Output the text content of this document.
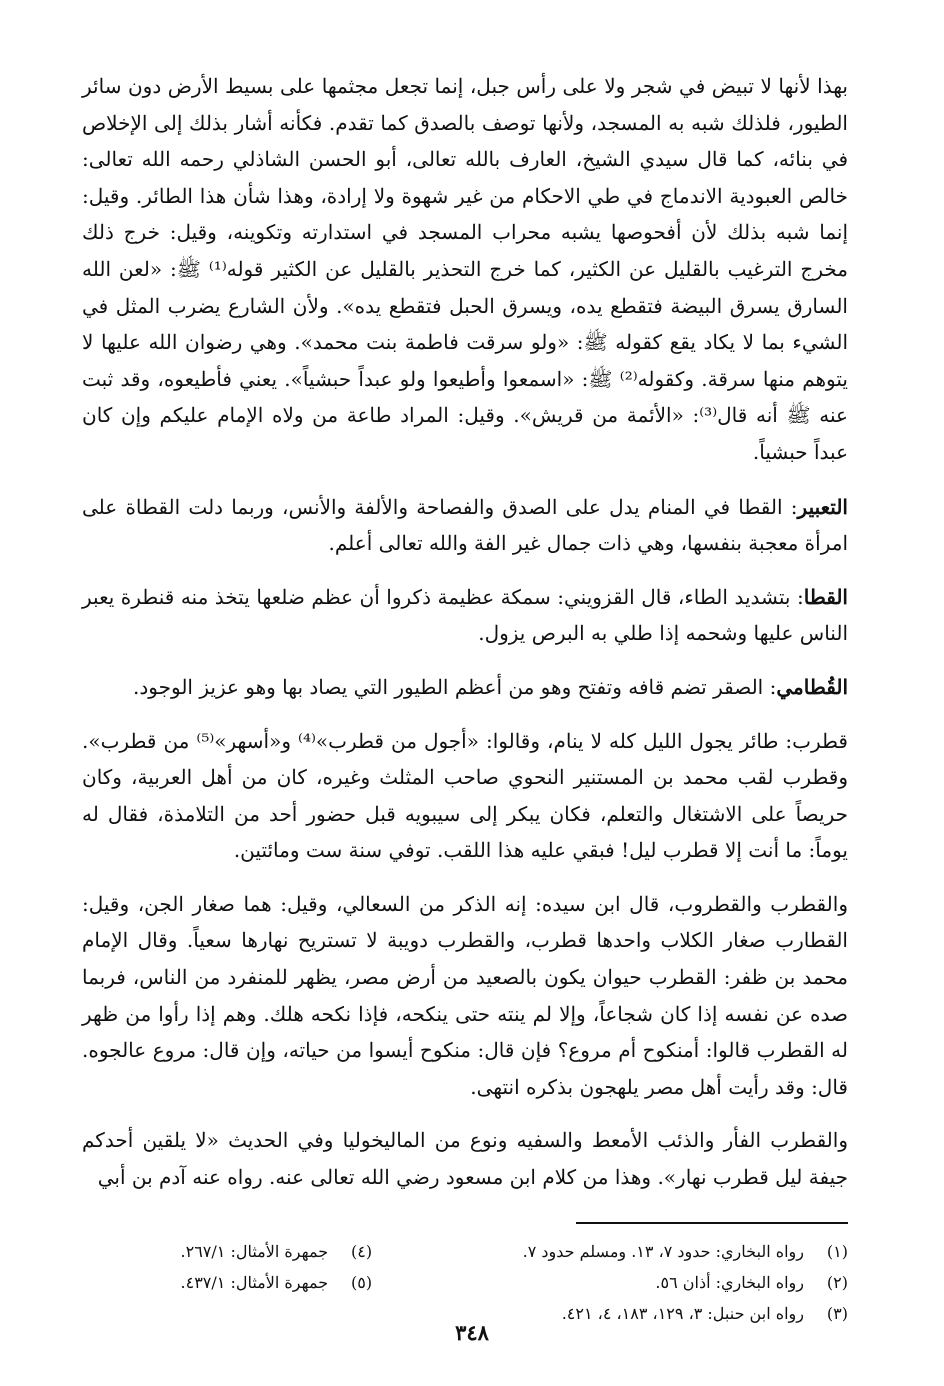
بهذا لأنها لا تبيض في شجر ولا على رأس جبل، إنما تجعل مجثمها على بسيط الأرض دون سائر الطيور، فلذلك شبه به المسجد، ولأنها توصف بالصدق كما تقدم. فكأنه أشار بذلك إلى الإخلاص في بنائه، كما قال سيدي الشيخ، العارف بالله تعالى، أبو الحسن الشاذلي رحمه الله تعالى: خالص العبودية الاندماج في طي الاحكام من غير شهوة ولا إرادة، وهذا شأن هذا الطائر. وقيل: إنما شبه بذلك لأن أفحوصها يشبه محراب المسجد في استدارته وتكوينه، وقيل: خرج ذلك مخرج الترغيب بالقليل عن الكثير، كما خرج التحذير بالقليل عن الكثير قوله⁽¹⁾ ﷺ: «لعن الله السارق يسرق البيضة فتقطع يده، ويسرق الحبل فتقطع يده». ولأن الشارع يضرب المثل في الشيء بما لا يكاد يقع كقوله ﷺ: «ولو سرقت فاطمة بنت محمد». وهي رضوان الله عليها لا يتوهم منها سرقة. وكقوله⁽²⁾ ﷺ: «اسمعوا وأطيعوا ولو عبداً حبشياً». يعني فأطيعوه، وقد ثبت عنه ﷺ أنه قال⁽³⁾: «الأئمة من قريش». وقيل: المراد طاعة من ولاه الإمام عليكم وإن كان عبداً حبشياً.

التعبير: القطا في المنام يدل على الصدق والفصاحة والألفة والأنس، وربما دلت القطاة على امرأة معجبة بنفسها، وهي ذات جمال غير الفة والله تعالى أعلم.

القطا: بتشديد الطاء، قال القزويني: سمكة عظيمة ذكروا أن عظم ضلعها يتخذ منه قنطرة يعبر الناس عليها وشحمه إذا طلي به البرص يزول.

القُطامي: الصقر تضم قافه وتفتح وهو من أعظم الطيور التي يصاد بها وهو عزيز الوجود.

قطرب: طائر يجول الليل كله لا ينام، وقالوا: «أجول من قطرب»⁽⁴⁾ و«أسهر»⁽⁵⁾ من قطرب». وقطرب لقب محمد بن المستنير النحوي صاحب المثلث وغيره، كان من أهل العربية، وكان حريصاً على الاشتغال والتعلم، فكان يبكر إلى سيبويه قبل حضور أحد من التلامذة، فقال له يوماً: ما أنت إلا قطرب ليل! فبقي عليه هذا اللقب. توفي سنة ست ومائتين.

والقطرب والقطروب، قال ابن سيده: إنه الذكر من السعالي، وقيل: هما صغار الجن، وقيل: القطارب صغار الكلاب واحدها قطرب، والقطرب دويبة لا تستريح نهارها سعياً. وقال الإمام محمد بن ظفر: القطرب حيوان يكون بالصعيد من أرض مصر، يظهر للمنفرد من الناس، فربما صده عن نفسه إذا كان شجاعاً، وإلا لم ينته حتى ينكحه، فإذا نكحه هلك. وهم إذا رأوا من ظهر له القطرب قالوا: أمنكوح أم مروع؟ فإن قال: منكوح أيسوا من حياته، وإن قال: مروع عالجوه. قال: وقد رأيت أهل مصر يلهجون بذكره انتهى.

والقطرب الفأر والذئب الأمعط والسفيه ونوع من الماليخوليا وفي الحديث «لا يلقين أحدكم جيفة ليل قطرب نهار». وهذا من كلام ابن مسعود رضي الله تعالى عنه. رواه عنه آدم بن أبي

(١)رواه البخاري: حدود ٧، ١٣. ومسلم حدود ٧.
(٢)رواه البخاري: أذان ٥٦.
(٣)رواه ابن حنبل: ٣، ١٢٩، ١٨٣، ٤، ٤٢١.
(٤)جمهرة الأمثال: ٢٦٧/١.
(٥)جمهرة الأمثال: ٤٣٧/١.
٣٤٨
